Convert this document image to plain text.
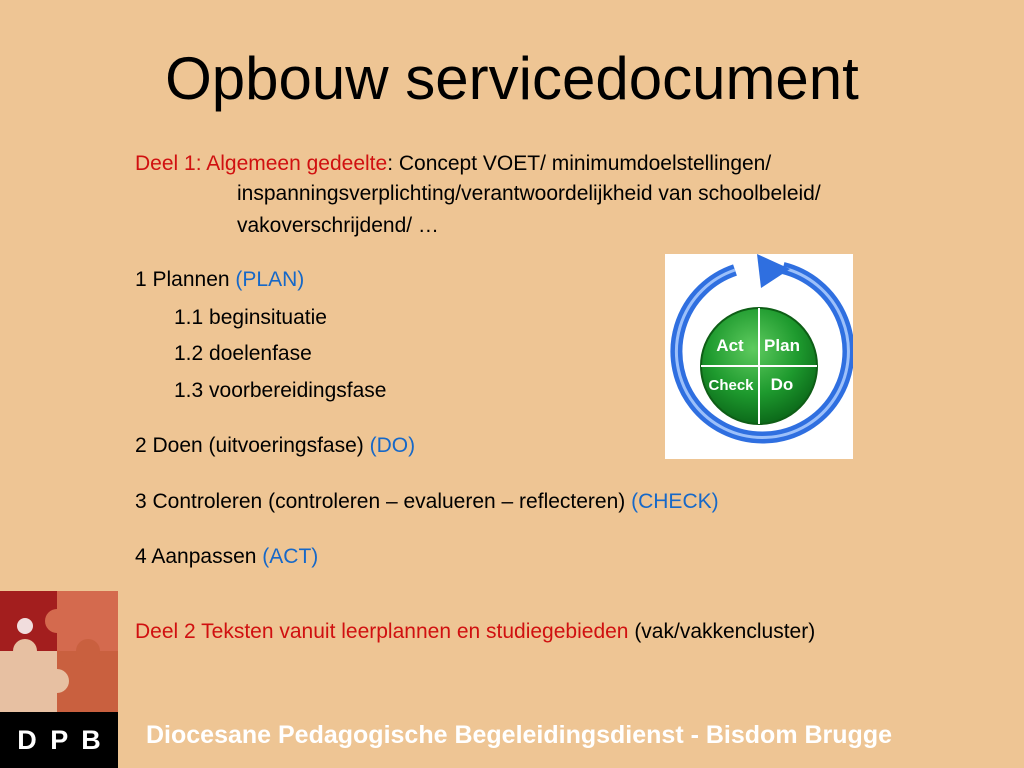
Opbouw servicedocument
Deel 1: Algemeen gedeelte: Concept VOET/ minimumdoelstellingen/
inspanningsverplichting/verantwoordelijkheid van schoolbeleid/
vakoverschrijdend/ …
1 Plannen (PLAN)
1.1 beginsituatie
1.2 doelenfase
1.3 voorbereidingsfase
2 Doen (uitvoeringsfase) (DO)
3 Controleren (controleren – evalueren – reflecteren) (CHECK)
4 Aanpassen (ACT)
Deel 2 Teksten vanuit leerplannen en studiegebieden (vak/vakkencluster)
Act Plan
Check Do
D P B	Diocesane Pedagogische Begeleidingsdienst - Bisdom Brugge
